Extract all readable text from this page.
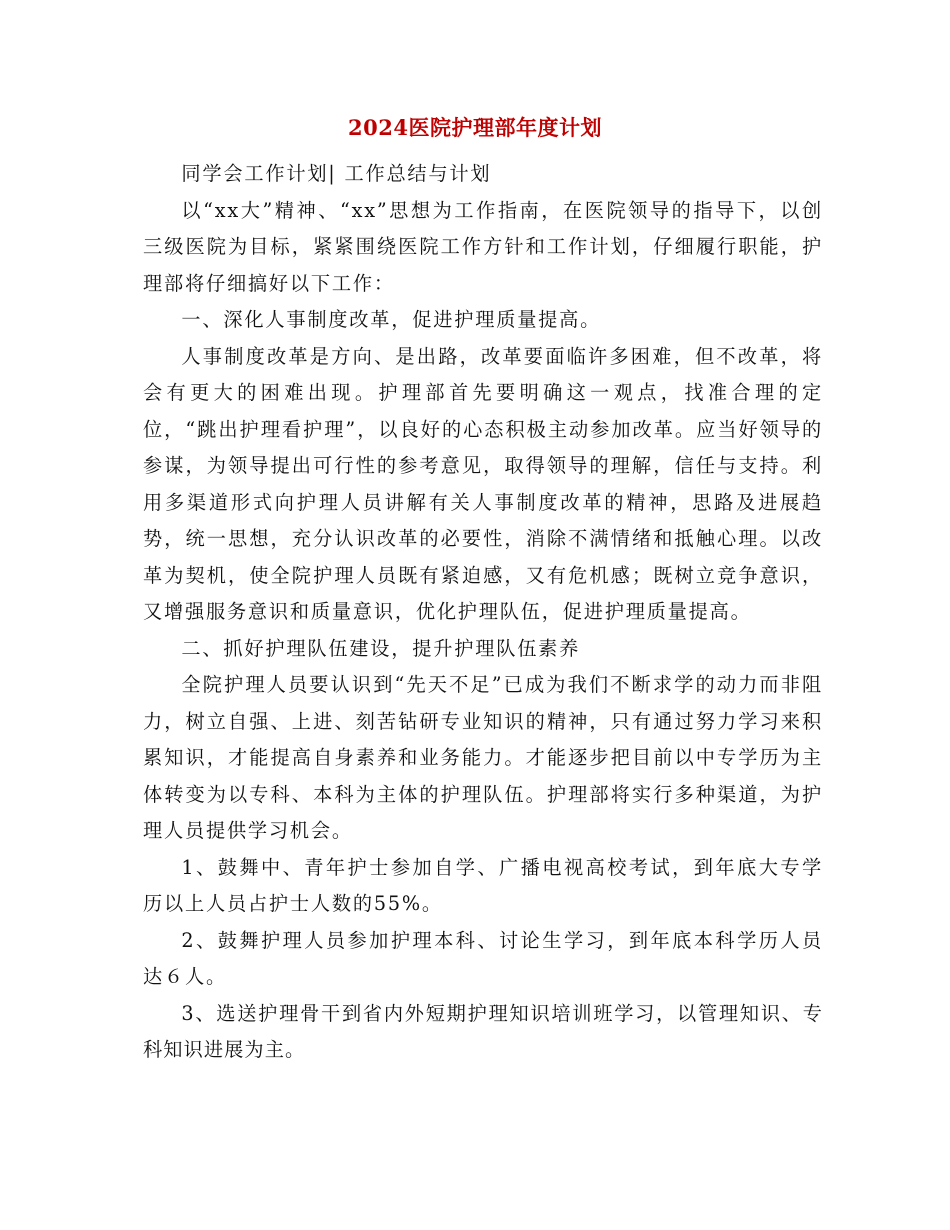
2024医院护理部年度计划

同学会工作计划| 工作总结与计划

以“xx大”精神、“xx”思想为工作指南，在医院领导的指导下，以创三级医院为目标，紧紧围绕医院工作方针和工作计划，仔细履行职能，护理部将仔细搞好以下工作：

一、深化人事制度改革，促进护理质量提高。

人事制度改革是方向、是出路，改革要面临许多困难，但不改革，将会有更大的困难出现。护理部首先要明确这一观点，找准合理的定位，“跳出护理看护理”，以良好的心态积极主动参加改革。应当好领导的参谋，为领导提出可行性的参考意见，取得领导的理解，信任与支持。利用多渠道形式向护理人员讲解有关人事制度改革的精神，思路及进展趋势，统一思想，充分认识改革的必要性，消除不满情绪和抵触心理。以改革为契机，使全院护理人员既有紧迫感，又有危机感；既树立竞争意识，又增强服务意识和质量意识，优化护理队伍，促进护理质量提高。

二、抓好护理队伍建设，提升护理队伍素养

全院护理人员要认识到“先天不足”已成为我们不断求学的动力而非阻力，树立自强、上进、刻苦钻研专业知识的精神，只有通过努力学习来积累知识，才能提高自身素养和业务能力。才能逐步把目前以中专学历为主体转变为以专科、本科为主体的护理队伍。护理部将实行多种渠道，为护理人员提供学习机会。

1、鼓舞中、青年护士参加自学、广播电视高校考试，到年底大专学历以上人员占护士人数的55%。

2、鼓舞护理人员参加护理本科、讨论生学习，到年底本科学历人员达６人。

3、选送护理骨干到省内外短期护理知识培训班学习，以管理知识、专科知识进展为主。
